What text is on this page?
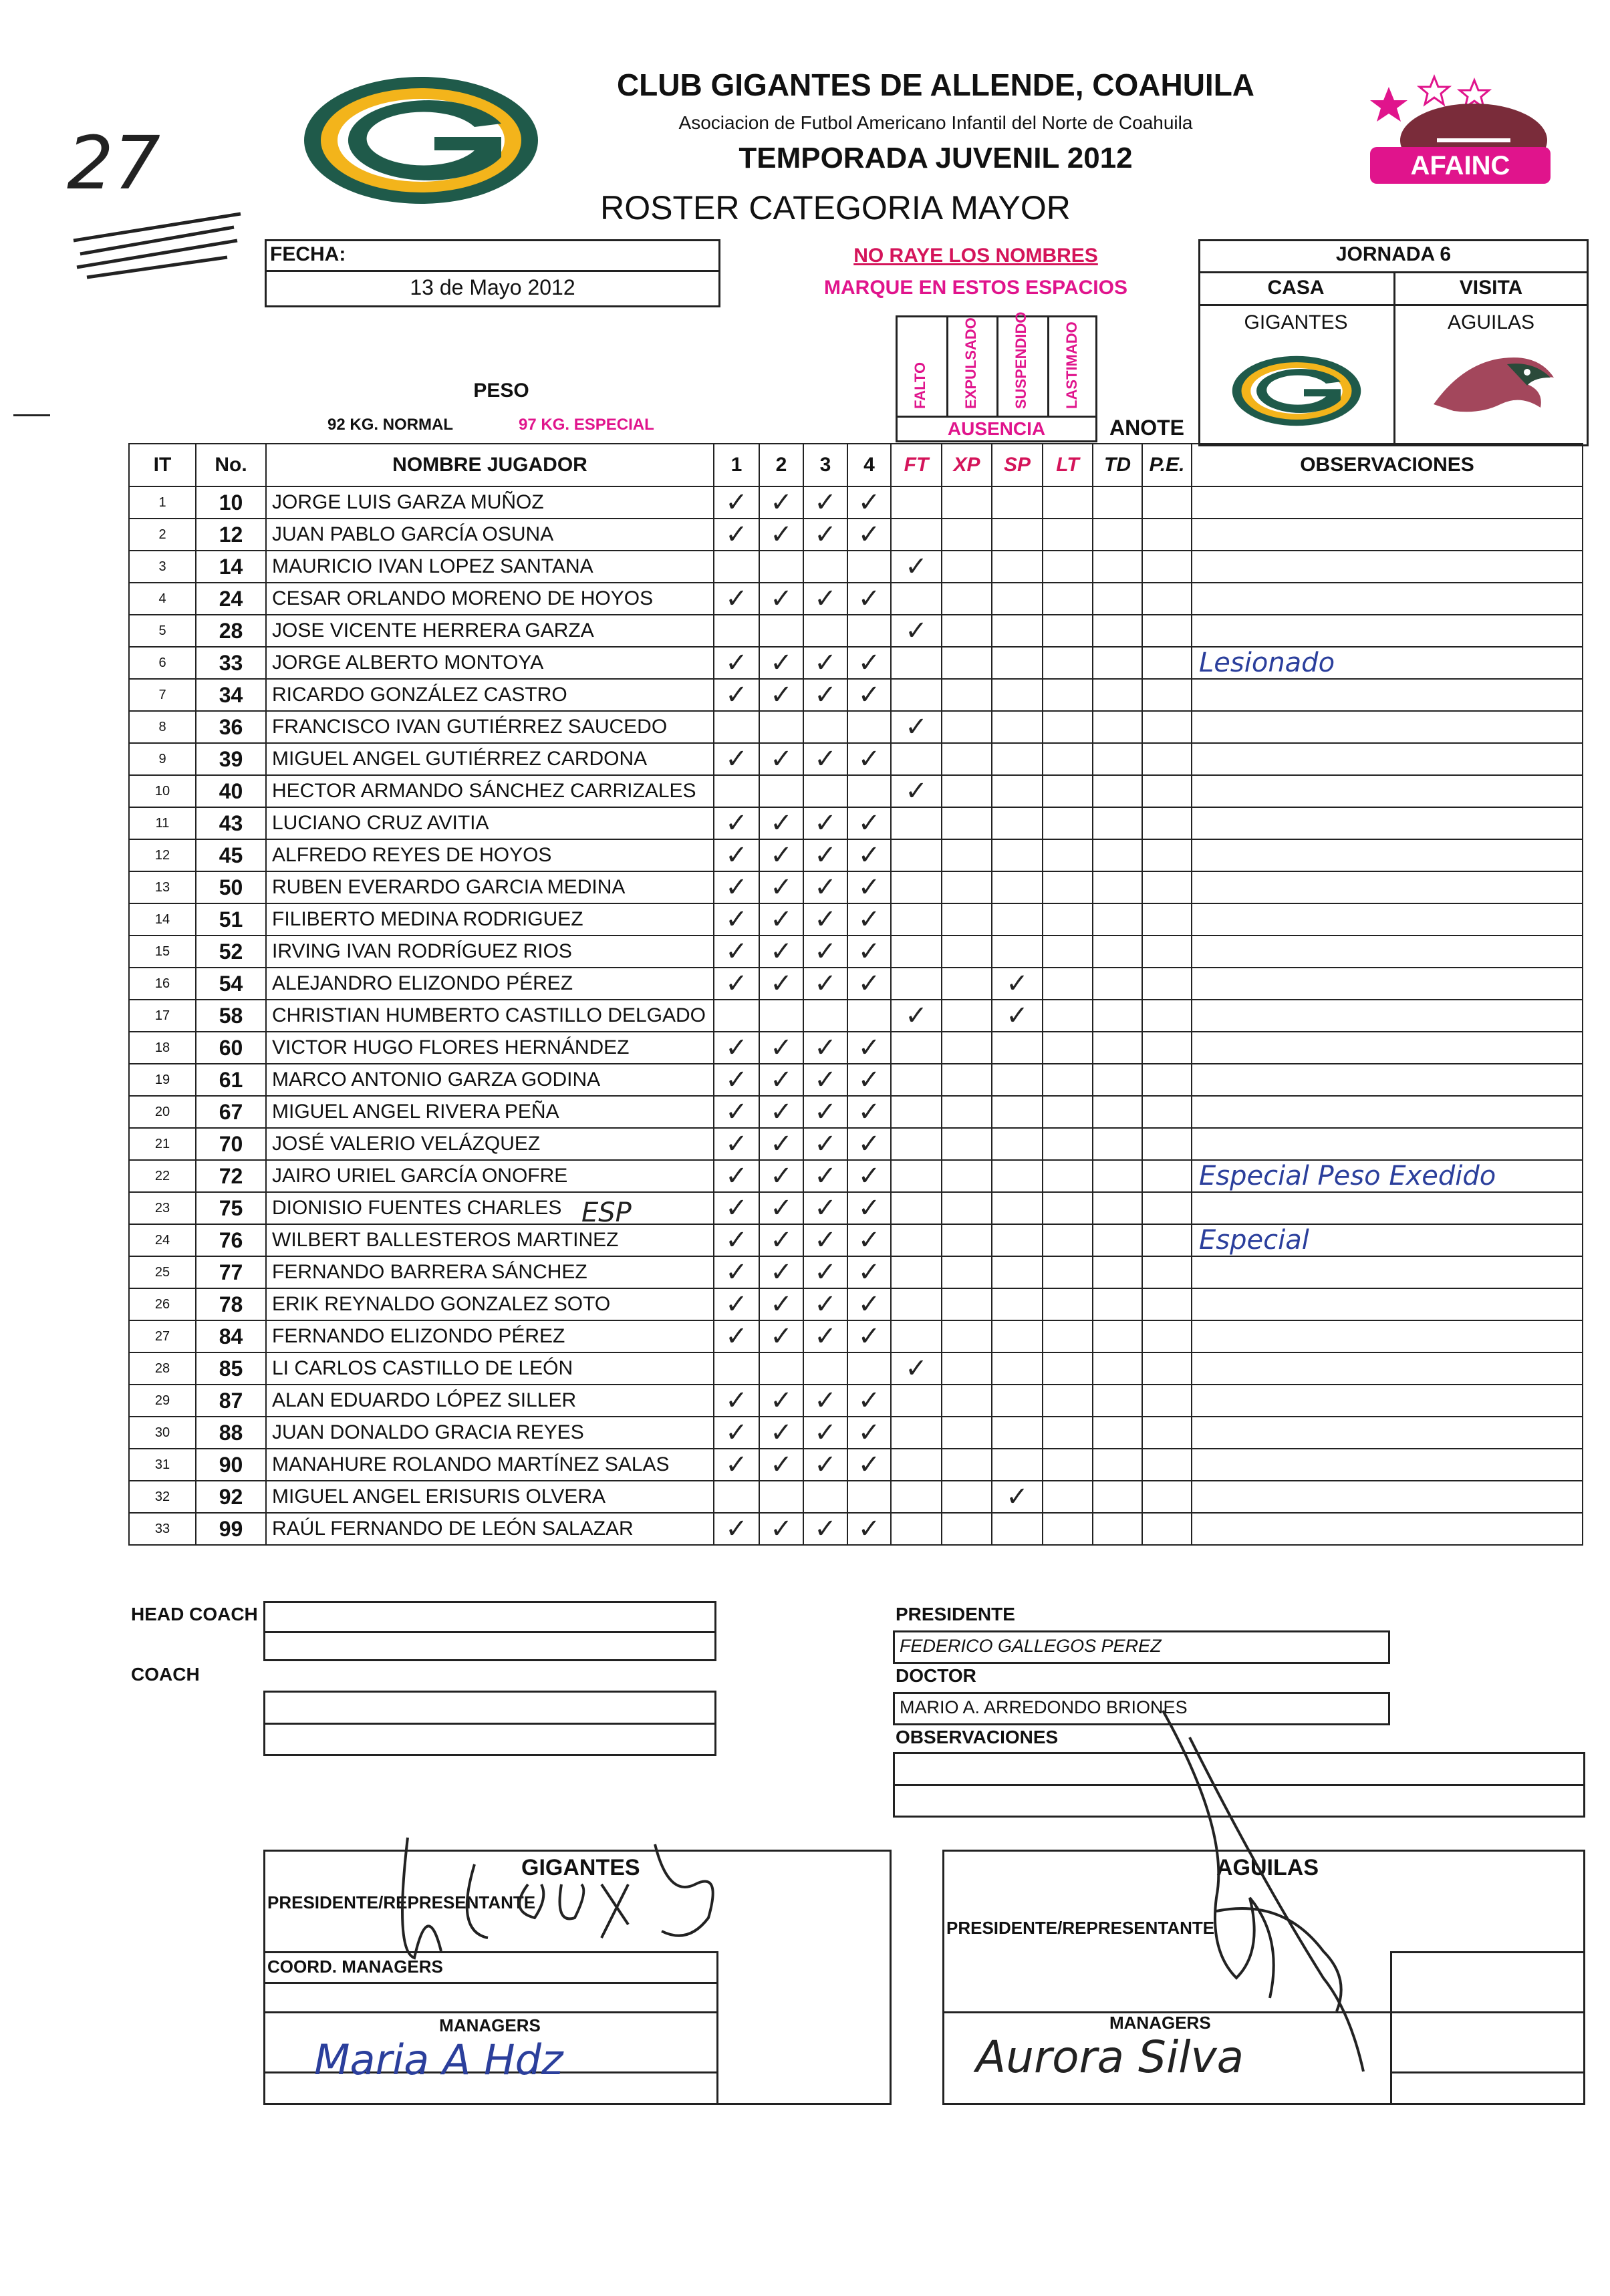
27
CLUB GIGANTES DE ALLENDE, COAHUILA
Asociacion de Futbol Americano Infantil del Norte de Coahuila
TEMPORADA JUVENIL 2012
ROSTER CATEGORIA MAYOR
AFAINC
FECHA:
13 de Mayo 2012
NO RAYE LOS NOMBRES
MARQUE EN ESTOS ESPACIOS
JORNADA 6
CASA	VISITA
GIGANTES	AGUILAS
PESO
92 KG. NORMAL	97 KG. ESPECIAL
FALTO EXPULSADO SUSPENDIDO LASTIMADO
AUSENCIA	ANOTE
IT	No.	NOMBRE JUGADOR	1	2	3	4	FT	XP	SP	LT	TD	P.E.	OBSERVACIONES
1	10	JORGE LUIS GARZA MUÑOZ	✓	✓	✓	✓							
2	12	JUAN PABLO GARCÍA OSUNA	✓	✓	✓	✓							
3	14	MAURICIO IVAN LOPEZ SANTANA					✓						
4	24	CESAR ORLANDO MORENO DE HOYOS	✓	✓	✓	✓							
5	28	JOSE VICENTE HERRERA GARZA					✓						
6	33	JORGE ALBERTO MONTOYA	✓	✓	✓	✓							Lesionado
7	34	RICARDO GONZÁLEZ CASTRO	✓	✓	✓	✓							
8	36	FRANCISCO IVAN GUTIÉRREZ SAUCEDO					✓						
9	39	MIGUEL ANGEL GUTIÉRREZ CARDONA	✓	✓	✓	✓							
10	40	HECTOR ARMANDO SÁNCHEZ CARRIZALES					✓						
11	43	LUCIANO CRUZ AVITIA	✓	✓	✓	✓							
12	45	ALFREDO REYES DE HOYOS	✓	✓	✓	✓							
13	50	RUBEN EVERARDO GARCIA MEDINA	✓	✓	✓	✓							
14	51	FILIBERTO MEDINA RODRIGUEZ	✓	✓	✓	✓							
15	52	IRVING IVAN RODRÍGUEZ RIOS	✓	✓	✓	✓							
16	54	ALEJANDRO ELIZONDO PÉREZ	✓	✓	✓	✓			✓				
17	58	CHRISTIAN HUMBERTO CASTILLO DELGADO					✓		✓				
18	60	VICTOR HUGO FLORES HERNÁNDEZ	✓	✓	✓	✓							
19	61	MARCO ANTONIO GARZA GODINA	✓	✓	✓	✓							
20	67	MIGUEL ANGEL RIVERA PEÑA	✓	✓	✓	✓							
21	70	JOSÉ VALERIO VELÁZQUEZ	✓	✓	✓	✓							
22	72	JAIRO URIEL GARCÍA ONOFRE	✓	✓	✓	✓							Especial Peso Exedido
23	75	DIONISIO FUENTES CHARLES	✓	✓	✓	✓							
24	76	WILBERT BALLESTEROS MARTINEZ	✓	✓	✓	✓							Especial
25	77	FERNANDO BARRERA SÁNCHEZ	✓	✓	✓	✓							
26	78	ERIK REYNALDO GONZALEZ SOTO	✓	✓	✓	✓							
27	84	FERNANDO ELIZONDO PÉREZ	✓	✓	✓	✓							
28	85	LI CARLOS CASTILLO DE LEÓN					✓						
29	87	ALAN EDUARDO LÓPEZ SILLER	✓	✓	✓	✓							
30	88	JUAN DONALDO GRACIA REYES	✓	✓	✓	✓							
31	90	MANAHURE ROLANDO MARTÍNEZ SALAS	✓	✓	✓	✓							
32	92	MIGUEL ANGEL ERISURIS OLVERA							✓				
33	99	RAÚL FERNANDO DE LEÓN SALAZAR	✓	✓	✓	✓							
ESP
HEAD COACH
COACH
PRESIDENTE
FEDERICO GALLEGOS PEREZ
DOCTOR
MARIO A. ARREDONDO BRIONES
OBSERVACIONES
GIGANTES
PRESIDENTE/REPRESENTANTE
COORD. MANAGERS
MANAGERS
Maria A Hdz
AGUILAS
PRESIDENTE/REPRESENTANTE
MANAGERS
Aurora Silva
